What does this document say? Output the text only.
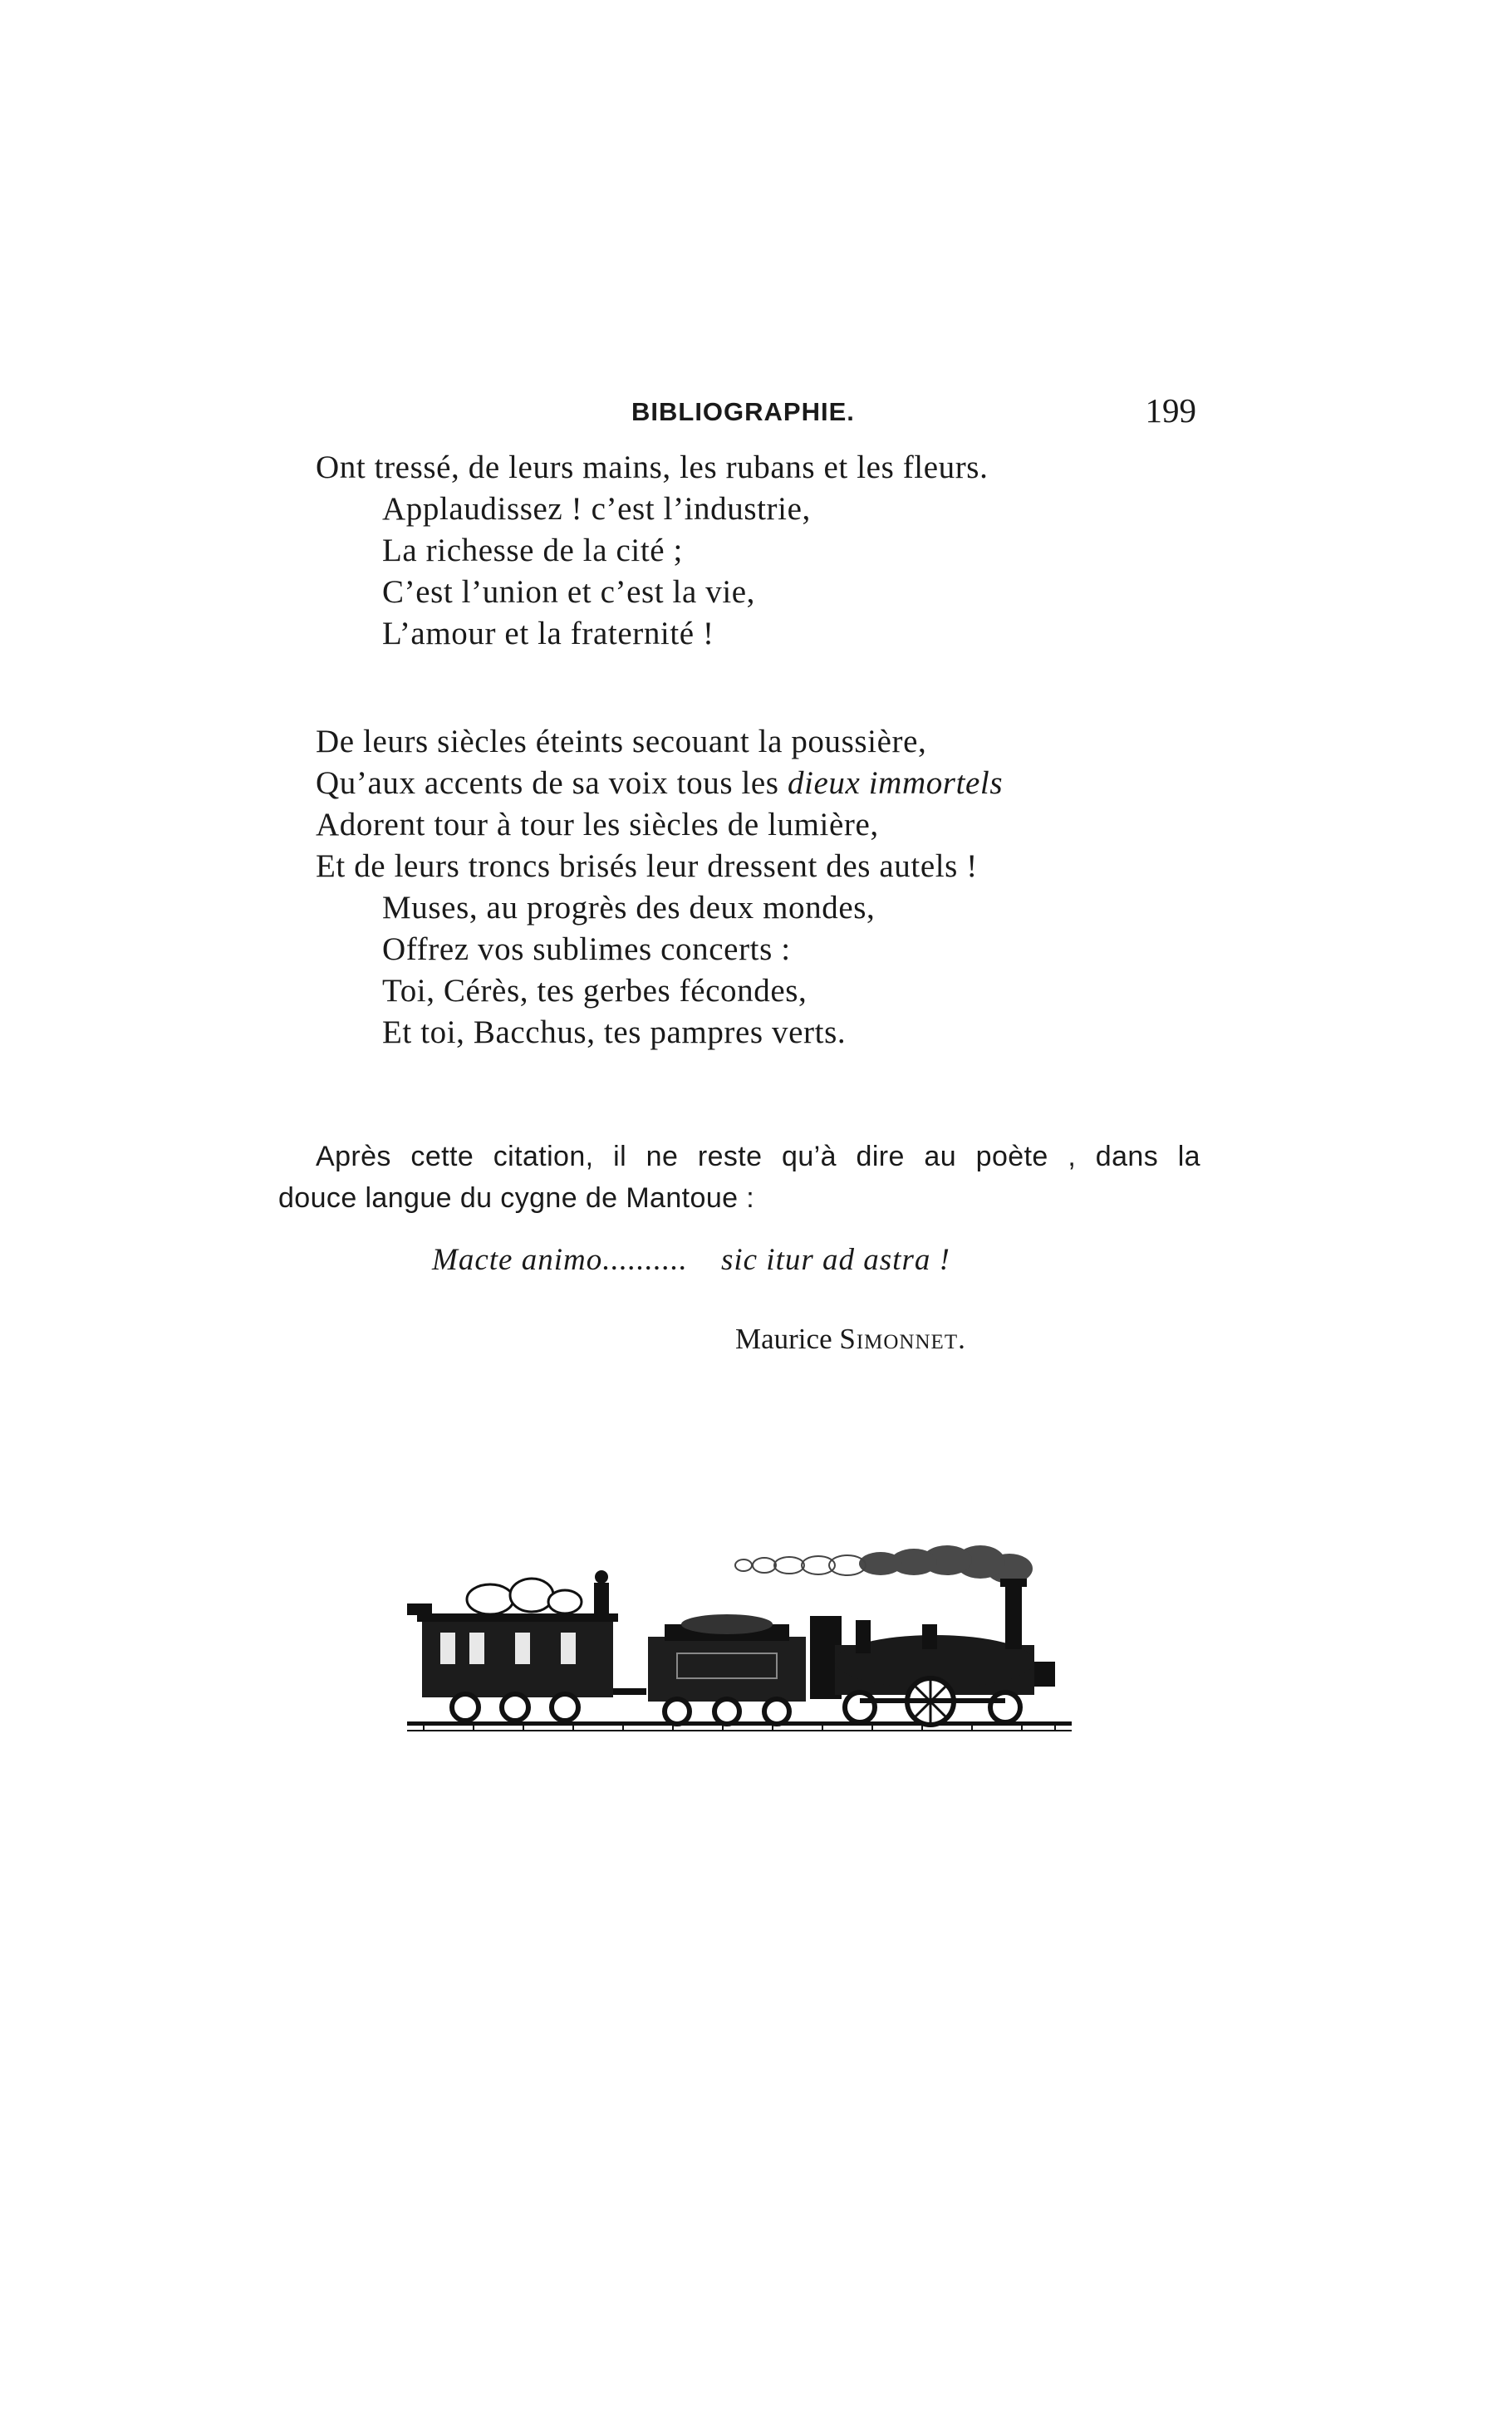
BIBLIOGRAPHIE.	199
Ont tressé, de leurs mains, les rubans et les fleurs.
Applaudissez ! c’est l’industrie,
La richesse de la cité ;
C’est l’union et c’est la vie,
L’amour et la fraternité !
De leurs siècles éteints secouant la poussière,
Qu’aux accents de sa voix tous les dieux immortels
Adorent tour à tour les siècles de lumière,
Et de leurs troncs brisés leur dressent des autels !
Muses, au progrès des deux mondes,
Offrez vos sublimes concerts :
Toi, Cérès, tes gerbes fécondes,
Et toi, Bacchus, tes pampres verts.
Après cette citation, il ne reste qu’à dire au poète , dans la
douce langue du cygne de Mantoue :
Macte animo.......... sic itur ad astra !
Maurice Simonnet.
